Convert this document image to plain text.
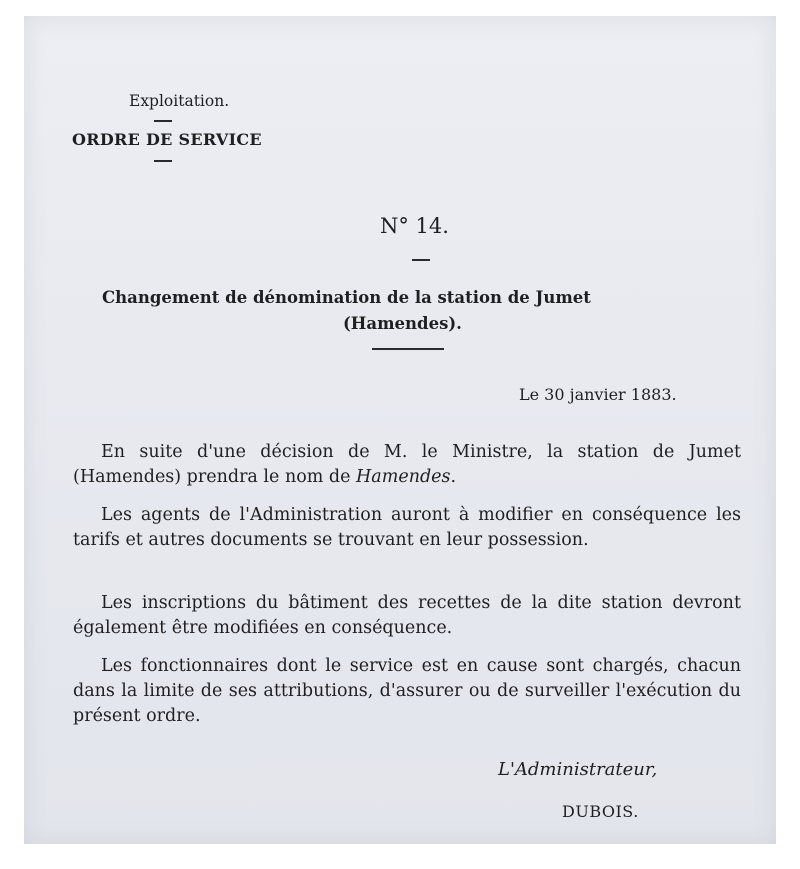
Exploitation.
ORDRE DE SERVICE
N° 14.
Changement de dénomination de la station de Jumet
(Hamendes).
Le 30 janvier 1883.

En suite d'une décision de M. le Ministre, la station de Jumet (Hamendes) prendra le nom de Hamendes.

Les agents de l'Administration auront à modifier en conséquence les tarifs et autres documents se trouvant en leur possession.

Les inscriptions du bâtiment des recettes de la dite station devront également être modifiées en conséquence.

Les fonctionnaires dont le service est en cause sont chargés, chacun dans la limite de ses attributions, d'assurer ou de surveiller l'exécution du présent ordre.

L'Administrateur,
DUBOIS.
